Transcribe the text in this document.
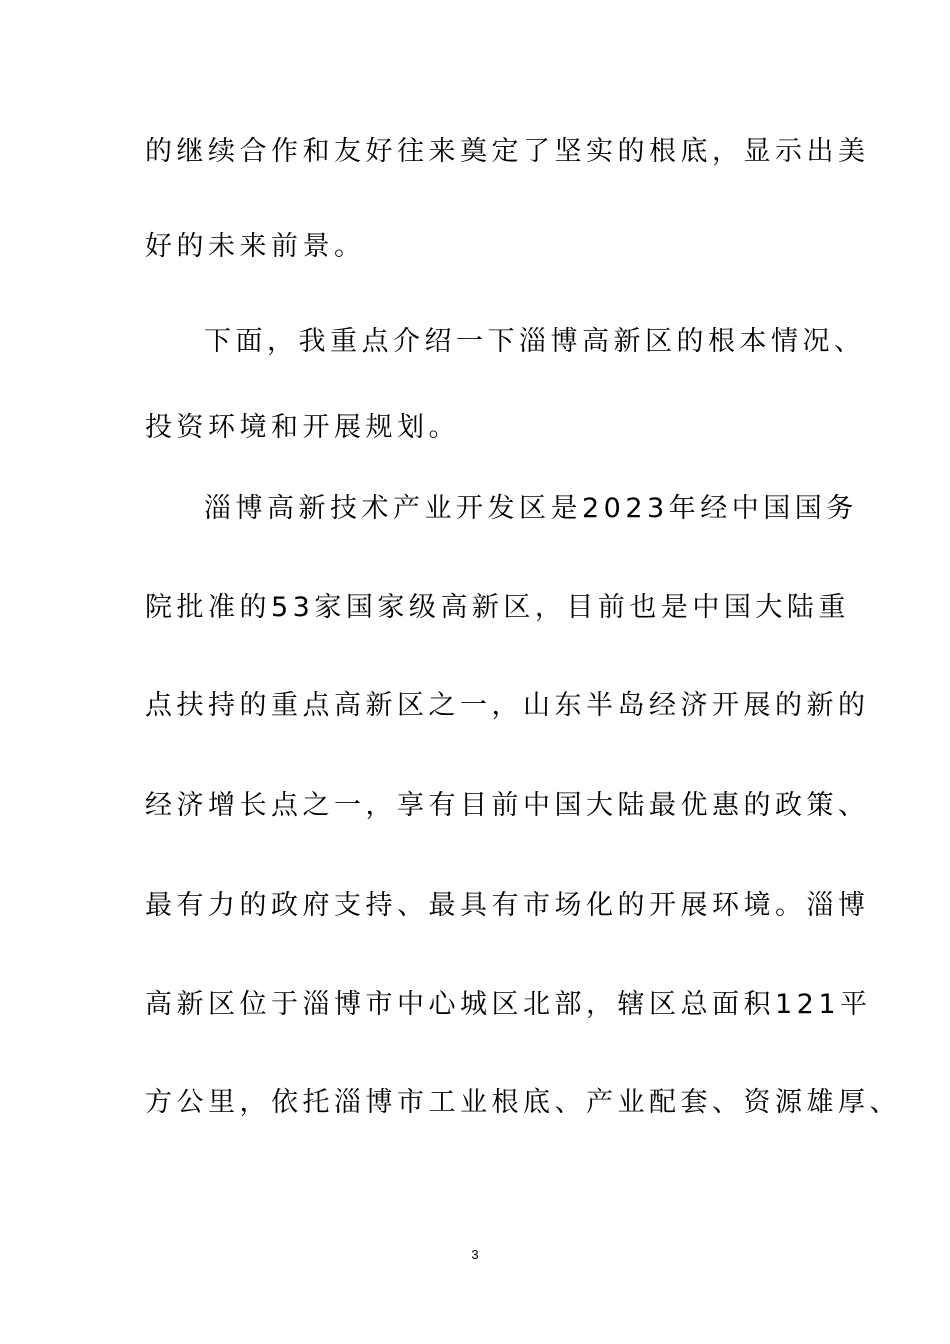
的继续合作和友好往来奠定了坚实的根底，显示出美
好的未来前景。
下面，我重点介绍一下淄博高新区的根本情况、
投资环境和开展规划。
淄博高新技术产业开发区是2023年经中国国务
院批准的53家国家级高新区，目前也是中国大陆重
点扶持的重点高新区之一，山东半岛经济开展的新的
经济增长点之一，享有目前中国大陆最优惠的政策、
最有力的政府支持、最具有市场化的开展环境。淄博
高新区位于淄博市中心城区北部，辖区总面积121平
方公里，依托淄博市工业根底、产业配套、资源雄厚、
3
